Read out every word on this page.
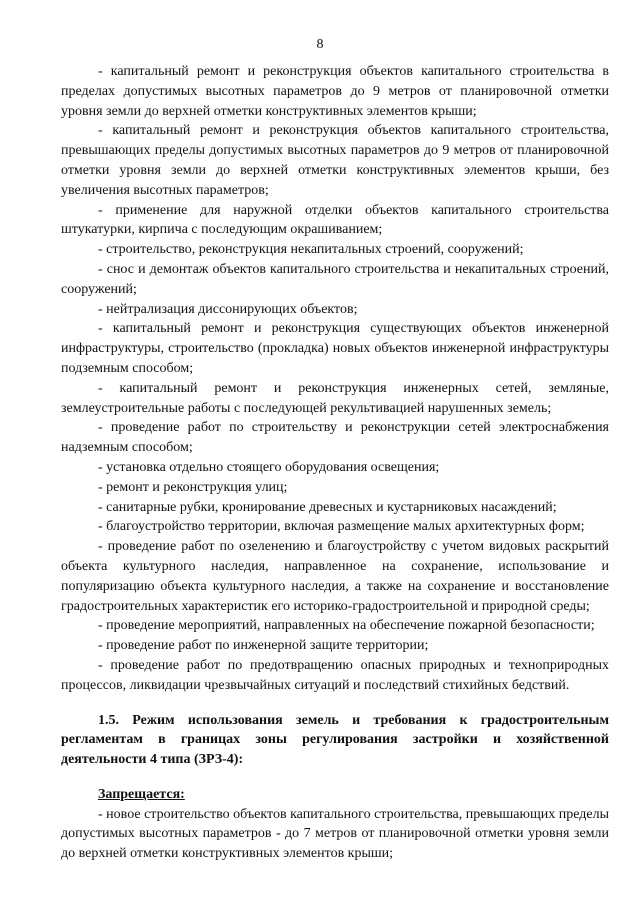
8

- капитальный ремонт и реконструкция объектов капитального строительства в пределах допустимых высотных параметров до 9 метров от планировочной отметки уровня земли до верхней отметки конструктивных элементов крыши;

- капитальный ремонт и реконструкция объектов капитального строительства, превышающих пределы допустимых высотных параметров до 9 метров от планировочной отметки уровня земли до верхней отметки конструктивных элементов крыши, без увеличения высотных параметров;

- применение для наружной отделки объектов капитального строительства штукатурки, кирпича с последующим окрашиванием;

- строительство, реконструкция некапитальных строений, сооружений;

- снос и демонтаж объектов капитального строительства и некапитальных строений, сооружений;

- нейтрализация диссонирующих объектов;

- капитальный ремонт и реконструкция существующих объектов инженерной инфраструктуры, строительство (прокладка) новых объектов инженерной инфраструктуры подземным способом;

- капитальный ремонт и реконструкция инженерных сетей, земляные, землеустроительные работы с последующей рекультивацией нарушенных земель;

- проведение работ по строительству и реконструкции сетей электроснабжения надземным способом;

- установка отдельно стоящего оборудования освещения;

- ремонт и реконструкция улиц;

- санитарные рубки, кронирование древесных и кустарниковых насаждений;

- благоустройство территории, включая размещение малых архитектурных форм;

- проведение работ по озеленению и благоустройству с учетом видовых раскрытий объекта культурного наследия, направленное на сохранение, использование и популяризацию объекта культурного наследия, а также на сохранение и восстановление градостроительных характеристик его историко-градостроительной и природной среды;

- проведение мероприятий, направленных на обеспечение пожарной безопасности;

- проведение работ по инженерной защите территории;

- проведение работ по предотвращению опасных природных и техноприродных процессов, ликвидации чрезвычайных ситуаций и последствий стихийных бедствий.

1.5. Режим использования земель и требования к градостроительным регламентам в границах зоны регулирования застройки и хозяйственной деятельности 4 типа (ЗРЗ-4):

Запрещается:

- новое строительство объектов капитального строительства, превышающих пределы допустимых высотных параметров - до 7 метров от планировочной отметки уровня земли до верхней отметки конструктивных элементов крыши;
